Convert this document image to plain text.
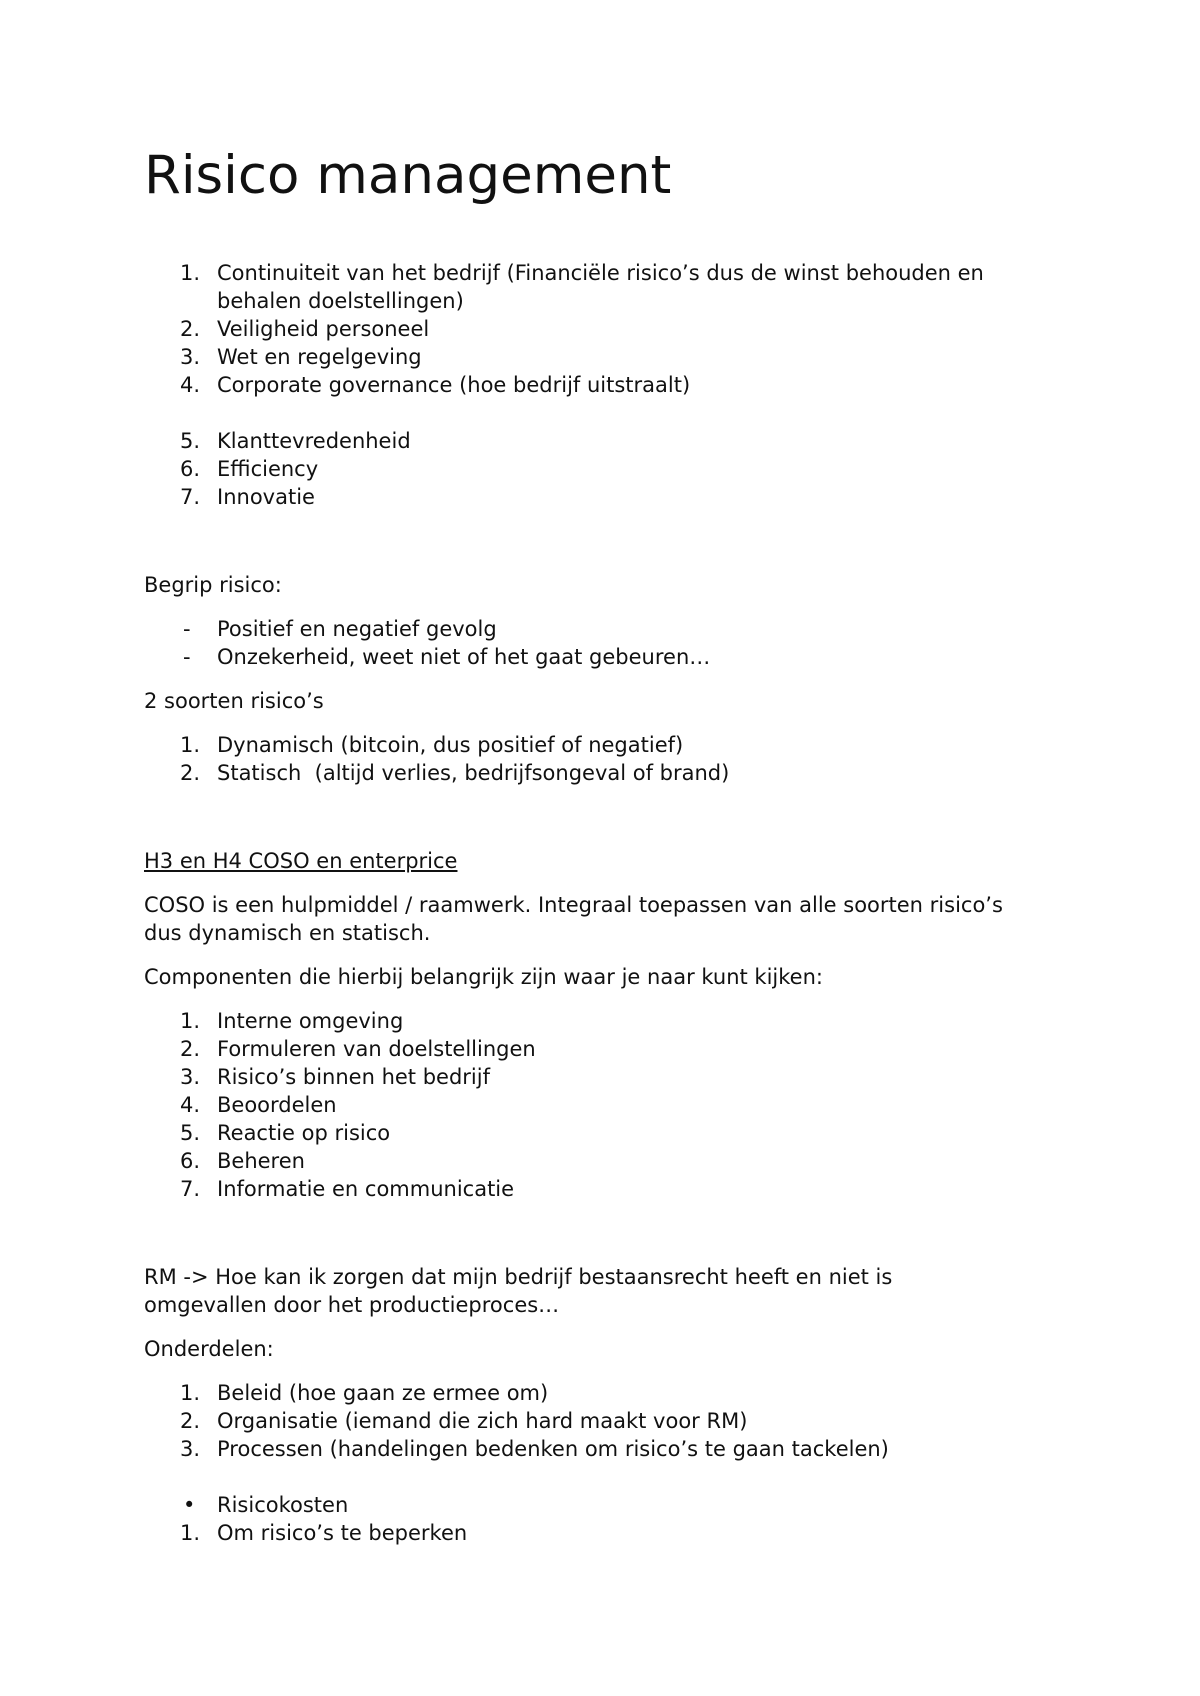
Risico management
1. Continuiteit van het bedrijf (Financiële risico’s dus de winst behouden en
behalen doelstellingen)
2. Veiligheid personeel
3. Wet en regelgeving
4. Corporate governance (hoe bedrijf uitstraalt)
5. Klanttevredenheid
6. Efficiency
7. Innovatie
Begrip risico:
- Positief en negatief gevolg
- Onzekerheid, weet niet of het gaat gebeuren…
2 soorten risico’s
1. Dynamisch (bitcoin, dus positief of negatief)
2. Statisch  (altijd verlies, bedrijfsongeval of brand)
H3 en H4 COSO en enterprice
COSO is een hulpmiddel / raamwerk. Integraal toepassen van alle soorten risico’s
dus dynamisch en statisch.
Componenten die hierbij belangrijk zijn waar je naar kunt kijken:
1. Interne omgeving
2. Formuleren van doelstellingen
3. Risico’s binnen het bedrijf
4. Beoordelen
5. Reactie op risico
6. Beheren
7. Informatie en communicatie
RM -> Hoe kan ik zorgen dat mijn bedrijf bestaansrecht heeft en niet is
omgevallen door het productieproces…
Onderdelen:
1. Beleid (hoe gaan ze ermee om)
2. Organisatie (iemand die zich hard maakt voor RM)
3. Processen (handelingen bedenken om risico’s te gaan tackelen)
• Risicokosten
1. Om risico’s te beperken
